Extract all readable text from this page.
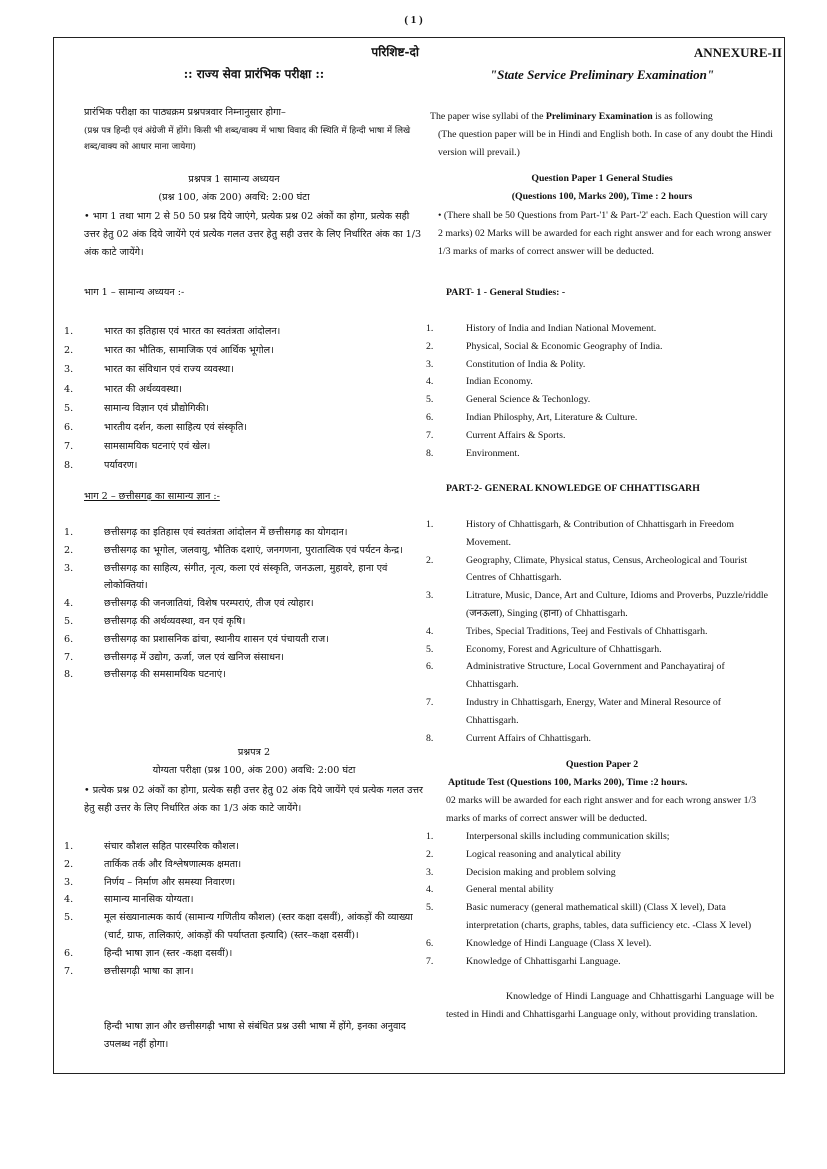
( 1 )

परिशिष्ट-दो

:: राज्य सेवा प्रारंभिक परीक्षा ::

प्रारंभिक परीक्षा का पाठ्यक्रम प्रश्नपत्रवार निम्नानुसार होगा–

(प्रश्न पत्र हिन्दी एवं अंग्रेजी में होंगे। किसी भी शब्द/वाक्य में भाषा विवाद की स्थिति में हिन्दी भाषा में लिखे शब्द/वाक्य को आधार माना जायेगा)

प्रश्नपत्र 1 सामान्य अध्ययन

(प्रश्न 100, अंक 200) अवधि: 2:00 घंटा

• भाग 1 तथा भाग 2 से 50 50 प्रश्न दिये जाएंगे, प्रत्येक प्रश्न 02 अंकों का होगा, प्रत्येक सही उत्तर हेतु 02 अंक दिये जायेंगे एवं प्रत्येक गलत उत्तर हेतु सही उत्तर के लिए निर्धारित अंक का 1/3 अंक काटे जायेंगे।

भाग 1 – सामान्य अध्ययन :-

1.	भारत का इतिहास एवं भारत का स्वतंत्रता आंदोलन।
2.	भारत का भौतिक, सामाजिक एवं आर्थिक भूगोल।
3.	भारत का संविधान एवं राज्य व्यवस्था।
4.	भारत की अर्थव्यवस्था।
5.	सामान्य विज्ञान एवं प्रौद्योगिकी।
6.	भारतीय दर्शन, कला साहित्य एवं संस्कृति।
7.	सामसामयिक घटनाएं एवं खेल।
8.	पर्यावरण।

भाग 2 – छत्तीसगढ़ का सामान्य ज्ञान :-

1.	छत्तीसगढ़ का इतिहास एवं स्वतंत्रता आंदोलन में छत्तीसगढ़ का योगदान।
2.	छत्तीसगढ़ का भूगोल, जलवायु, भौतिक दशाएं, जनगणना, पुरातात्विक एवं पर्यटन केन्द्र।
3.	छत्तीसगढ़ का साहित्य, संगीत, नृत्य, कला एवं संस्कृति, जनऊला, मुहावरे, हाना एवं लोकोक्तियां।
4.	छत्तीसगढ़ की जनजातियां, विशेष परम्पराएं, तीज एवं त्योहार।
5.	छत्तीसगढ़ की अर्थव्यवस्था, वन एवं कृषि।
6.	छत्तीसगढ़ का प्रशासनिक ढांचा, स्थानीय शासन एवं पंचायती राज।
7.	छत्तीसगढ़ में उद्योग, ऊर्जा, जल एवं खनिज संसाधन।
8.	छत्तीसगढ़ की समसामयिक घटनाएं।

प्रश्नपत्र 2

योग्यता परीक्षा (प्रश्न 100, अंक 200) अवधि: 2:00 घंटा

• प्रत्येक प्रश्न 02 अंकों का होगा, प्रत्येक सही उत्तर हेतु 02 अंक दिये जायेंगे एवं प्रत्येक गलत उत्तर हेतु सही उत्तर के लिए निर्धारित अंक का 1/3 अंक काटे जायेंगे।

1.	संचार कौशल सहित पारस्परिक कौशल।
2.	तार्किक तर्क और विश्लेषणात्मक क्षमता।
3.	निर्णय – निर्माण और समस्या निवारण।
4.	सामान्य मानसिक योग्यता।
5.	मूल संख्यानात्मक कार्य (सामान्य गणितीय कौशल) (स्तर कक्षा दसवीं), आंकड़ों की व्याख्या (चार्ट, ग्राफ, तालिकाएं, आंकड़ों की पर्याप्तता इत्यादि) (स्तर–कक्षा दसवीं)।
6.	हिन्दी भाषा ज्ञान (स्तर -कक्षा दसवीं)।
7.	छत्तीसगढ़ी भाषा का ज्ञान।

हिन्दी भाषा ज्ञान और छत्तीसगढ़ी भाषा से संबंधित प्रश्न उसी भाषा में होंगे, इनका अनुवाद उपलब्ध नहीं होगा।

ANNEXURE-II

"State Service Preliminary Examination"

The paper wise syllabi of the Preliminary Examination is as following

(The question paper will be in Hindi and English both. In case of any doubt the Hindi version will prevail.)

Question Paper 1 General Studies

(Questions 100, Marks 200), Time : 2 hours

• (There shall be 50 Questions from Part-'1' & Part-'2' each. Each Question will cary 2 marks) 02 Marks will be awarded for each right answer and for each wrong answer 1/3 marks of marks of correct answer will be deducted.

PART- 1 - General Studies: -

1.	History of India and Indian National Movement.
2.	Physical, Social & Economic Geography of India.
3.	Constitution of India & Polity.
4.	Indian Economy.
5.	General Science & Techonlogy.
6.	Indian Philosphy, Art, Literature & Culture.
7.	Current Affairs & Sports.
8.	Environment.

PART-2- GENERAL KNOWLEDGE OF CHHATTISGARH

1.	History of Chhattisgarh, & Contribution of Chhattisgarh in Freedom Movement.
2.	Geography, Climate, Physical status, Census, Archeological and Tourist Centres of Chhattisgarh.
3.	Litrature, Music, Dance, Art and Culture, Idioms and Proverbs, Puzzle/riddle (जनऊला), Singing (हाना) of Chhattisgarh.
4.	Tribes, Special Traditions, Teej and Festivals of Chhattisgarh.
5.	Economy, Forest and Agriculture of Chhattisgarh.
6.	Administrative Structure, Local Government and Panchayatiraj of Chhattisgarh.
7.	Industry in Chhattisgarh, Energy, Water and Mineral Resource of Chhattisgarh.
8.	Current Affairs of Chhattisgarh.

Question Paper 2

Aptitude Test (Questions 100, Marks 200), Time :2 hours.

02 marks will be awarded for each right answer and for each wrong answer 1/3 marks of marks of correct answer will be deducted.

1.	Interpersonal skills including communication skills;
2.	Logical reasoning and analytical ability
3.	Decision making and problem solving
4.	General mental ability
5.	Basic numeracy (general mathematical skill) (Class X level), Data interpretation (charts, graphs, tables, data sufficiency etc. -Class X level)
6.	Knowledge of Hindi Language (Class X level).
7.	Knowledge of Chhattisgarhi Language.

Knowledge of Hindi Language and Chhattisgarhi Language will be tested in Hindi and Chhattisgarhi Language only, without providing translation.
